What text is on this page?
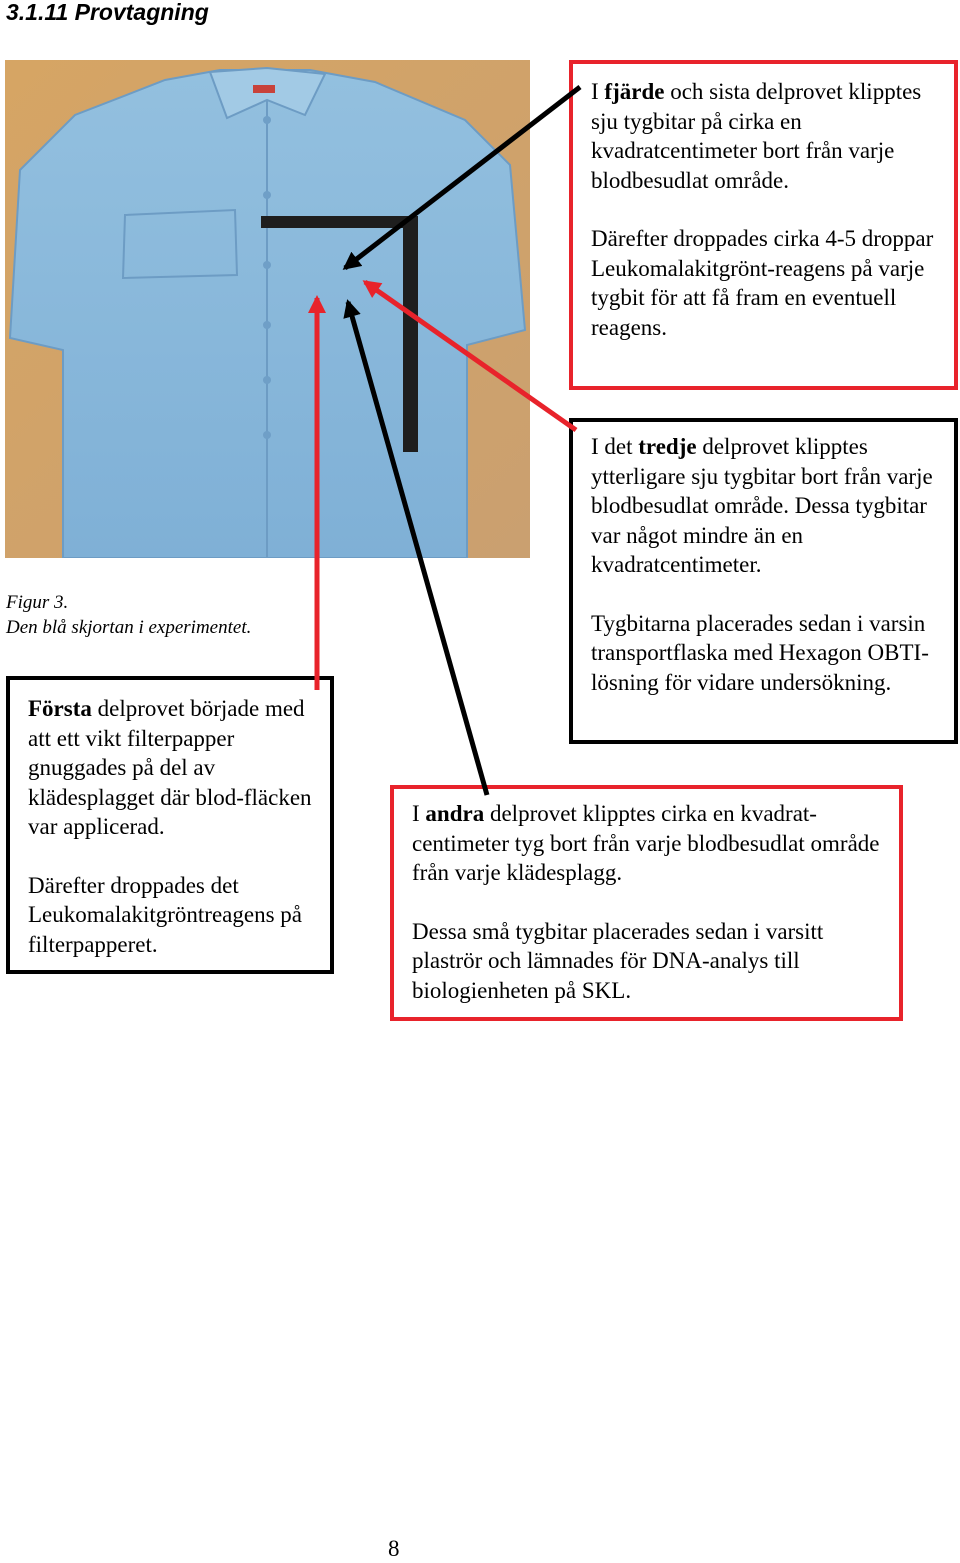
3.1.11 Provtagning
Figur 3.
Den blå skjortan i experimentet.

I fjärde och sista delprovet klipptes sju tygbitar på cirka en kvadratcentimeter bort från varje blodbesudlat område.

Därefter droppades cirka 4-5 droppar Leukomalakitgrönt-reagens på varje tygbit för att få fram en eventuell reagens.

I det tredje delprovet klipptes ytterligare sju tygbitar bort från varje blodbesudlat område. Dessa tygbitar var något mindre än en kvadratcentimeter.

Tygbitarna placerades sedan i varsin transportflaska med Hexagon OBTI-lösning för vidare undersökning.

Första delprovet började med att ett vikt filterpapper gnuggades på del av klädesplagget där blod-fläcken var applicerad.

Därefter droppades det Leukomalakitgröntreagens på filterpapperet.

I andra delprovet klipptes cirka en kvadrat-centimeter tyg bort från varje blodbesudlat område från varje klädesplagg.

Dessa små tygbitar placerades sedan i varsitt plaströr och lämnades för DNA-analys till biologienheten på SKL.

8
